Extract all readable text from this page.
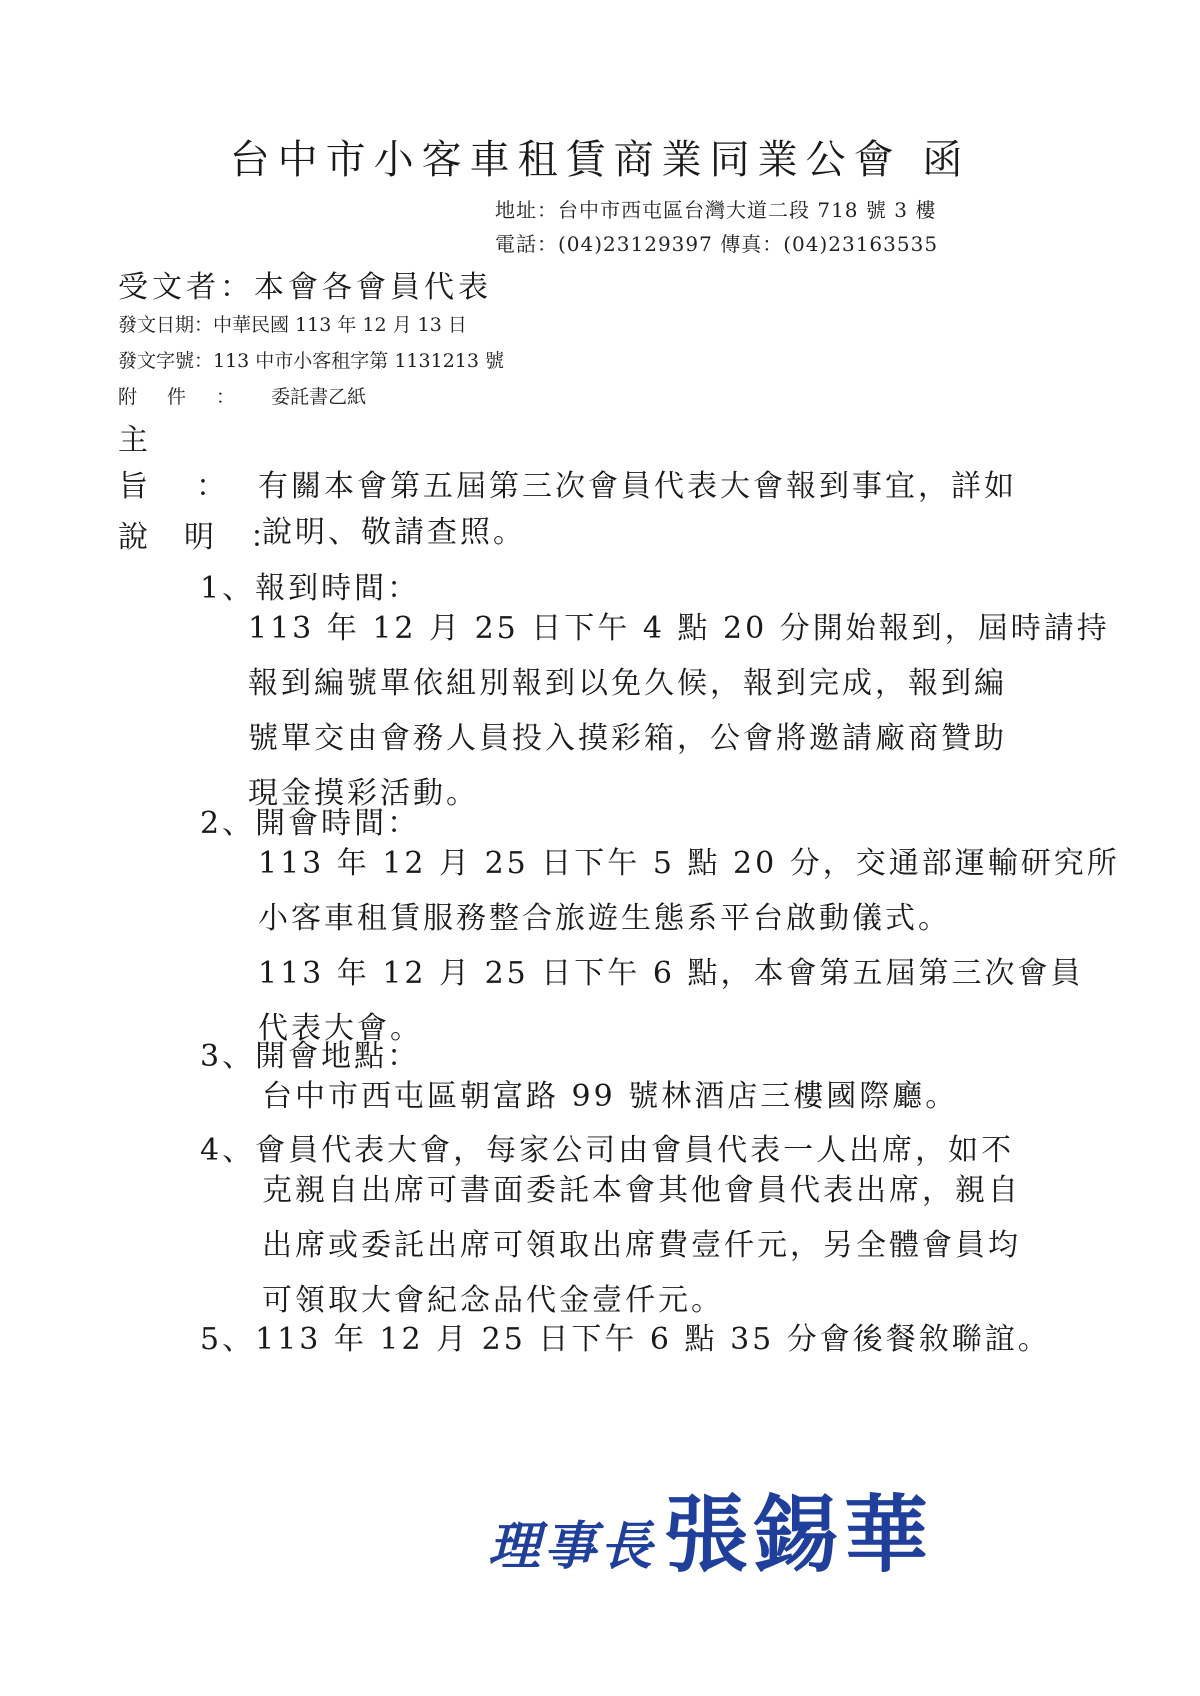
台中市小客車租賃商業同業公會 函
地址：台中市西屯區台灣大道二段 718 號 3 樓
電話：(04)23129397 傳真：(04)23163535
受文者：本會各會員代表
發文日期：中華民國 113 年 12 月 13 日
發文字號：113 中市小客租字第 1131213 號
附件： 委託書乙紙
主旨：有關本會第五屆第三次會員代表大會報到事宜，詳如
說明、敬請查照。
說明：
1、報到時間：
113 年 12 月 25 日下午 4 點 20 分開始報到，屆時請持
報到編號單依組別報到以免久候，報到完成，報到編
號單交由會務人員投入摸彩箱，公會將邀請廠商贊助
現金摸彩活動。
2、開會時間：
113 年 12 月 25 日下午 5 點 20 分，交通部運輸研究所
小客車租賃服務整合旅遊生態系平台啟動儀式。
113 年 12 月 25 日下午 6 點，本會第五屆第三次會員
代表大會。
3、開會地點：
台中市西屯區朝富路 99 號林酒店三樓國際廳。
4、會員代表大會，每家公司由會員代表一人出席，如不
克親自出席可書面委託本會其他會員代表出席，親自
出席或委託出席可領取出席費壹仟元，另全體會員均
可領取大會紀念品代金壹仟元。
5、113 年 12 月 25 日下午 6 點 35 分會後餐敘聯誼。
理事長張錫華
